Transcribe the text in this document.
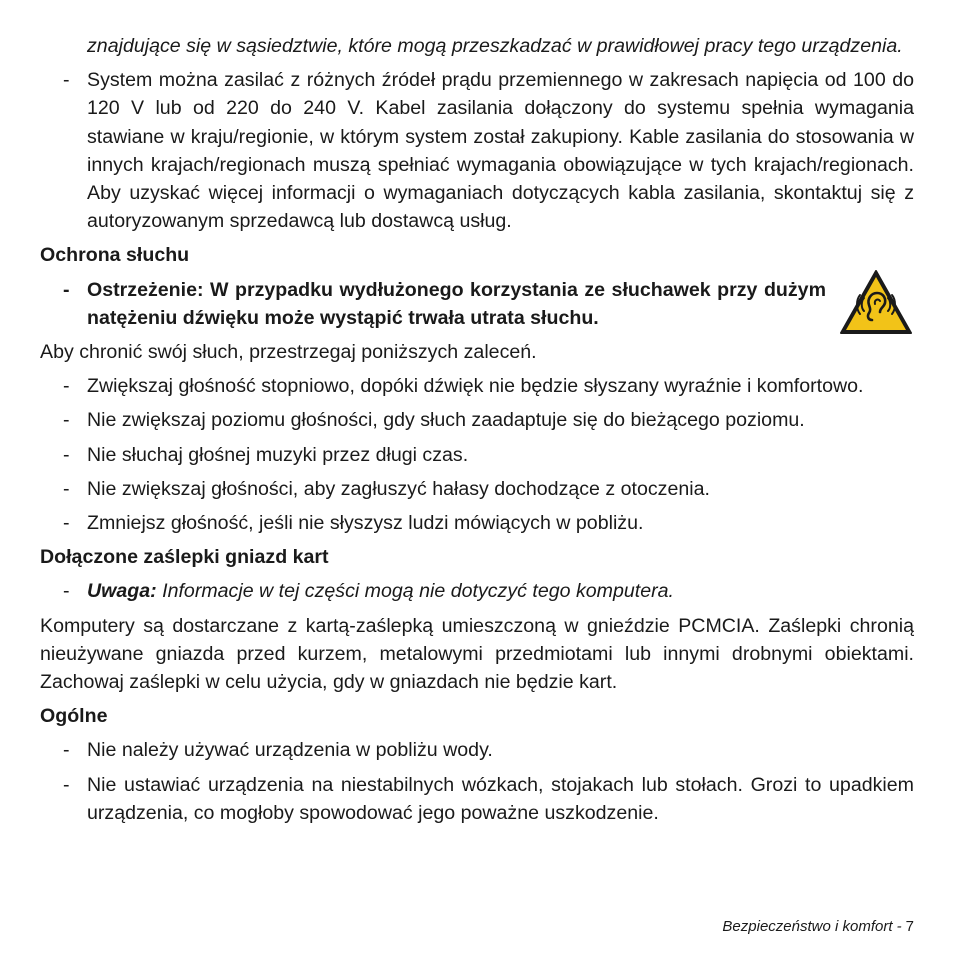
znajdujące się w sąsiedztwie, które mogą przeszkadzać w prawidłowej pracy tego urządzenia.

- System można zasilać z różnych źródeł prądu przemiennego w zakresach napięcia od 100 do 120 V lub od 220 do 240 V. Kabel zasilania dołączony do systemu spełnia wymagania stawiane w kraju/regionie, w którym system został zakupiony. Kable zasilania do stosowania w innych krajach/regionach muszą spełniać wymagania obowiązujące w tych krajach/regionach. Aby uzyskać więcej informacji o wymaganiach dotyczących kabla zasilania, skontaktuj się z autoryzowanym sprzedawcą lub dostawcą usług.

Ochrona słuchu

- Ostrzeżenie: W przypadku wydłużonego korzystania ze słuchawek przy dużym natężeniu dźwięku może wystąpić trwała utrata słuchu.

Aby chronić swój słuch, przestrzegaj poniższych zaleceń.

- Zwiększaj głośność stopniowo, dopóki dźwięk nie będzie słyszany wyraźnie i komfortowo.

- Nie zwiększaj poziomu głośności, gdy słuch zaadaptuje się do bieżącego poziomu.

- Nie słuchaj głośnej muzyki przez długi czas.

- Nie zwiększaj głośności, aby zagłuszyć hałasy dochodzące z otoczenia.

- Zmniejsz głośność, jeśli nie słyszysz ludzi mówiących w pobliżu.

Dołączone zaślepki gniazd kart

- Uwaga: Informacje w tej części mogą nie dotyczyć tego komputera.

Komputery są dostarczane z kartą-zaślepką umieszczoną w gnieździe PCMCIA. Zaślepki chronią nieużywane gniazda przed kurzem, metalowymi przedmiotami lub innymi drobnymi obiektami. Zachowaj zaślepki w celu użycia, gdy w gniazdach nie będzie kart.

Ogólne

- Nie należy używać urządzenia w pobliżu wody.

- Nie ustawiać urządzenia na niestabilnych wózkach, stojakach lub stołach. Grozi to upadkiem urządzenia, co mogłoby spowodować jego poważne uszkodzenie.

Bezpieczeństwo i komfort - 7
